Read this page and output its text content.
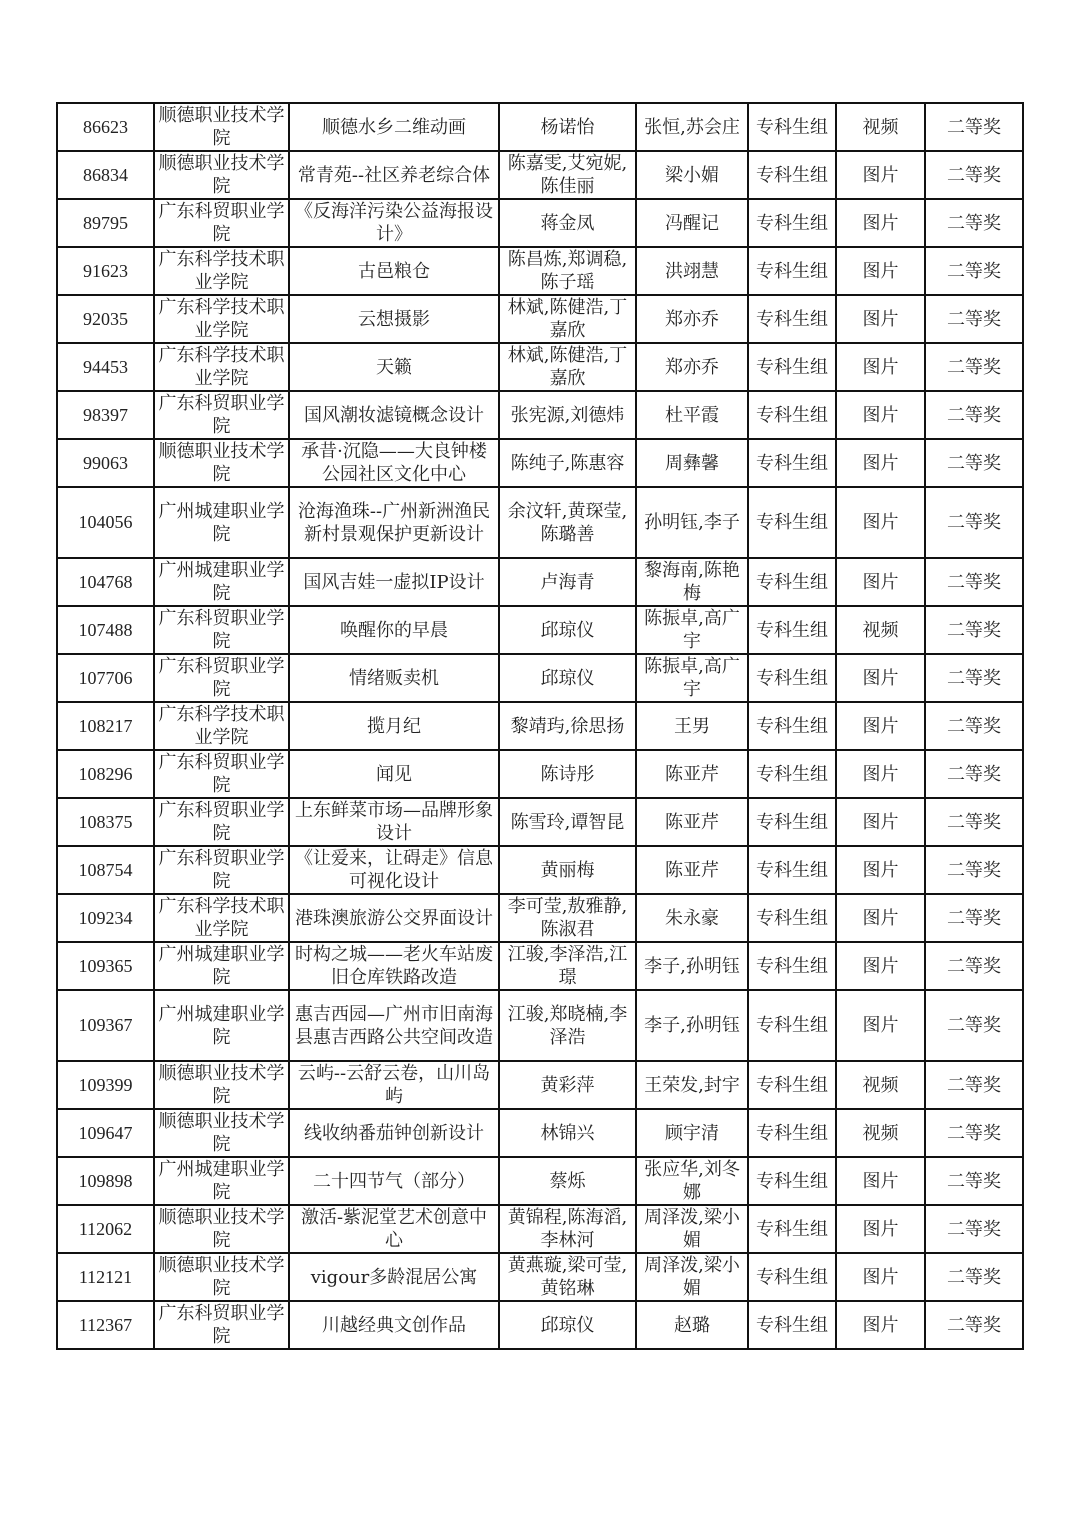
86623	顺德职业技术学院	顺德水乡二维动画	杨诺怡	张恒,苏会庄	专科生组	视频	二等奖
86834	顺德职业技术学院	常青苑--社区养老综合体	陈嘉雯,艾宛妮,陈佳丽	梁小媚	专科生组	图片	二等奖
89795	广东科贸职业学院	《反海洋污染公益海报设计》	蒋金凤	冯醒记	专科生组	图片	二等奖
91623	广东科学技术职业学院	古邑粮仓	陈昌炼,郑调稳,陈子瑶	洪翊慧	专科生组	图片	二等奖
92035	广东科学技术职业学院	云想摄影	林斌,陈健浩,丁嘉欣	郑亦乔	专科生组	图片	二等奖
94453	广东科学技术职业学院	天籁	林斌,陈健浩,丁嘉欣	郑亦乔	专科生组	图片	二等奖
98397	广东科贸职业学院	国风潮妆滤镜概念设计	张宪源,刘德炜	杜平霞	专科生组	图片	二等奖
99063	顺德职业技术学院	承昔·沉隐——大良钟楼公园社区文化中心	陈纯子,陈惠容	周彝馨	专科生组	图片	二等奖
104056	广州城建职业学院	沧海渔珠--广州新洲渔民新村景观保护更新设计	余汶轩,黄琛莹,陈璐善	孙明钰,李子	专科生组	图片	二等奖
104768	广州城建职业学院	国风吉娃一虚拟IP设计	卢海青	黎海南,陈艳梅	专科生组	图片	二等奖
107488	广东科贸职业学院	唤醒你的早晨	邱琼仪	陈振卓,高广宇	专科生组	视频	二等奖
107706	广东科贸职业学院	情绪贩卖机	邱琼仪	陈振卓,高广宇	专科生组	图片	二等奖
108217	广东科学技术职业学院	揽月纪	黎靖玙,徐思扬	王男	专科生组	图片	二等奖
108296	广东科贸职业学院	闻见	陈诗彤	陈亚芹	专科生组	图片	二等奖
108375	广东科贸职业学院	上东鲜菜市场—品牌形象设计	陈雪玲,谭智昆	陈亚芹	专科生组	图片	二等奖
108754	广东科贸职业学院	《让爱来，让碍走》信息可视化设计	黄丽梅	陈亚芹	专科生组	图片	二等奖
109234	广东科学技术职业学院	港珠澳旅游公交界面设计	李可莹,敖雅静,陈淑君	朱永豪	专科生组	图片	二等奖
109365	广州城建职业学院	时构之城——老火车站废旧仓库铁路改造	江骏,李泽浩,江璟	李子,孙明钰	专科生组	图片	二等奖
109367	广州城建职业学院	惠吉西园—广州市旧南海县惠吉西路公共空间改造	江骏,郑晓楠,李泽浩	李子,孙明钰	专科生组	图片	二等奖
109399	顺德职业技术学院	云屿--云舒云卷，山川岛屿	黄彩萍	王荣发,封宇	专科生组	视频	二等奖
109647	顺德职业技术学院	线收纳番茄钟创新设计	林锦兴	顾宇清	专科生组	视频	二等奖
109898	广州城建职业学院	二十四节气（部分）	蔡烁	张应华,刘冬娜	专科生组	图片	二等奖
112062	顺德职业技术学院	激活-紫泥堂艺术创意中心	黄锦程,陈海滔,李林河	周泽泼,梁小媚	专科生组	图片	二等奖
112121	顺德职业技术学院	vigour多龄混居公寓	黄燕璇,梁可莹,黄铭琳	周泽泼,梁小媚	专科生组	图片	二等奖
112367	广东科贸职业学院	川越经典文创作品	邱琼仪	赵璐	专科生组	图片	二等奖
